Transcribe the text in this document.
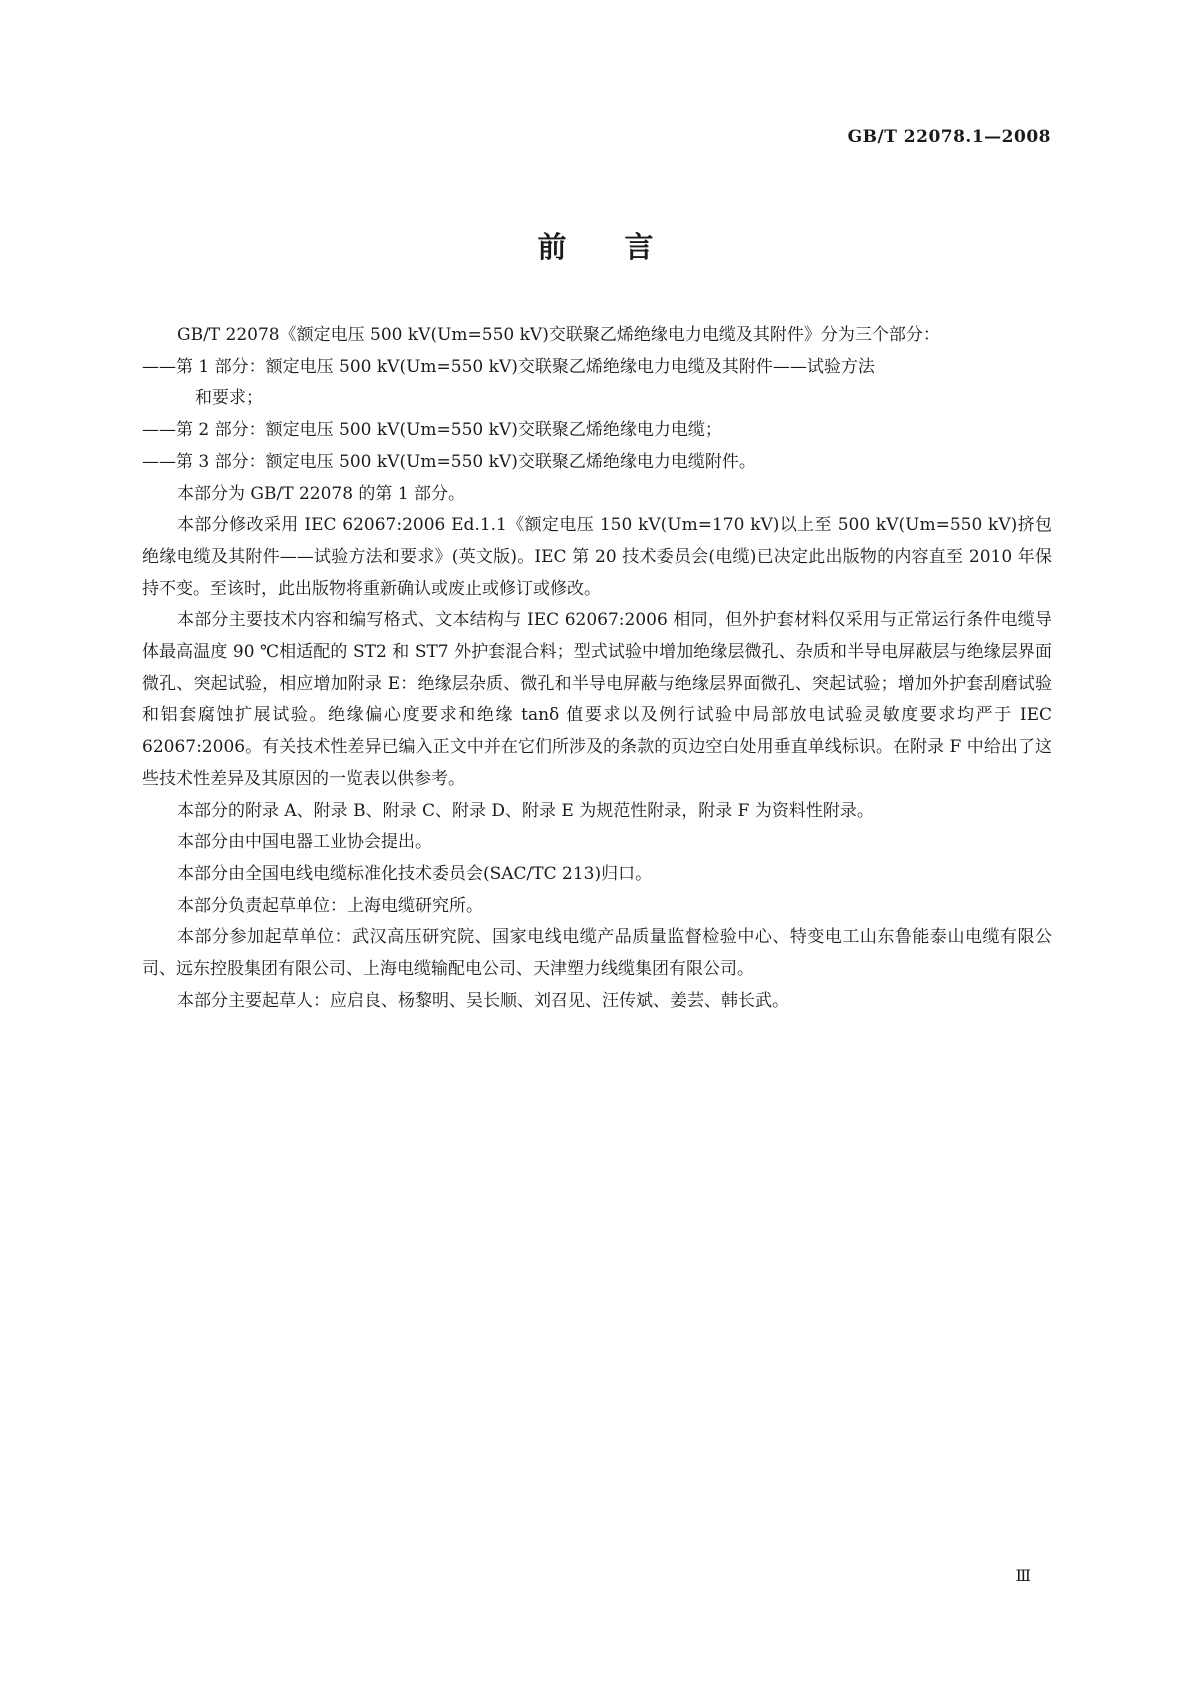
GB/T 22078.1—2008
前 言

GB/T 22078《额定电压 500 kV(Um=550 kV)交联聚乙烯绝缘电力电缆及其附件》分为三个部分：

——第 1 部分：额定电压 500 kV(Um=550 kV)交联聚乙烯绝缘电力电缆及其附件——试验方法
和要求；

——第 2 部分：额定电压 500 kV(Um=550 kV)交联聚乙烯绝缘电力电缆；

——第 3 部分：额定电压 500 kV(Um=550 kV)交联聚乙烯绝缘电力电缆附件。

本部分为 GB/T 22078 的第 1 部分。

本部分修改采用 IEC 62067:2006 Ed.1.1《额定电压 150 kV(Um=170 kV)以上至 500 kV(Um=550 kV)挤包绝缘电缆及其附件——试验方法和要求》(英文版)。IEC 第 20 技术委员会(电缆)已决定此出版物的内容直至 2010 年保持不变。至该时，此出版物将重新确认或废止或修订或修改。

本部分主要技术内容和编写格式、文本结构与 IEC 62067:2006 相同，但外护套材料仅采用与正常运行条件电缆导体最高温度 90 ℃相适配的 ST2 和 ST7 外护套混合料；型式试验中增加绝缘层微孔、杂质和半导电屏蔽层与绝缘层界面微孔、突起试验，相应增加附录 E：绝缘层杂质、微孔和半导电屏蔽与绝缘层界面微孔、突起试验；增加外护套刮磨试验和铝套腐蚀扩展试验。绝缘偏心度要求和绝缘 tanδ 值要求以及例行试验中局部放电试验灵敏度要求均严于 IEC 62067:2006。有关技术性差异已编入正文中并在它们所涉及的条款的页边空白处用垂直单线标识。在附录 F 中给出了这些技术性差异及其原因的一览表以供参考。

本部分的附录 A、附录 B、附录 C、附录 D、附录 E 为规范性附录，附录 F 为资料性附录。

本部分由中国电器工业协会提出。

本部分由全国电线电缆标准化技术委员会(SAC/TC 213)归口。

本部分负责起草单位：上海电缆研究所。

本部分参加起草单位：武汉高压研究院、国家电线电缆产品质量监督检验中心、特变电工山东鲁能泰山电缆有限公司、远东控股集团有限公司、上海电缆输配电公司、天津塑力线缆集团有限公司。

本部分主要起草人：应启良、杨黎明、吴长顺、刘召见、汪传斌、姜芸、韩长武。

Ⅲ
